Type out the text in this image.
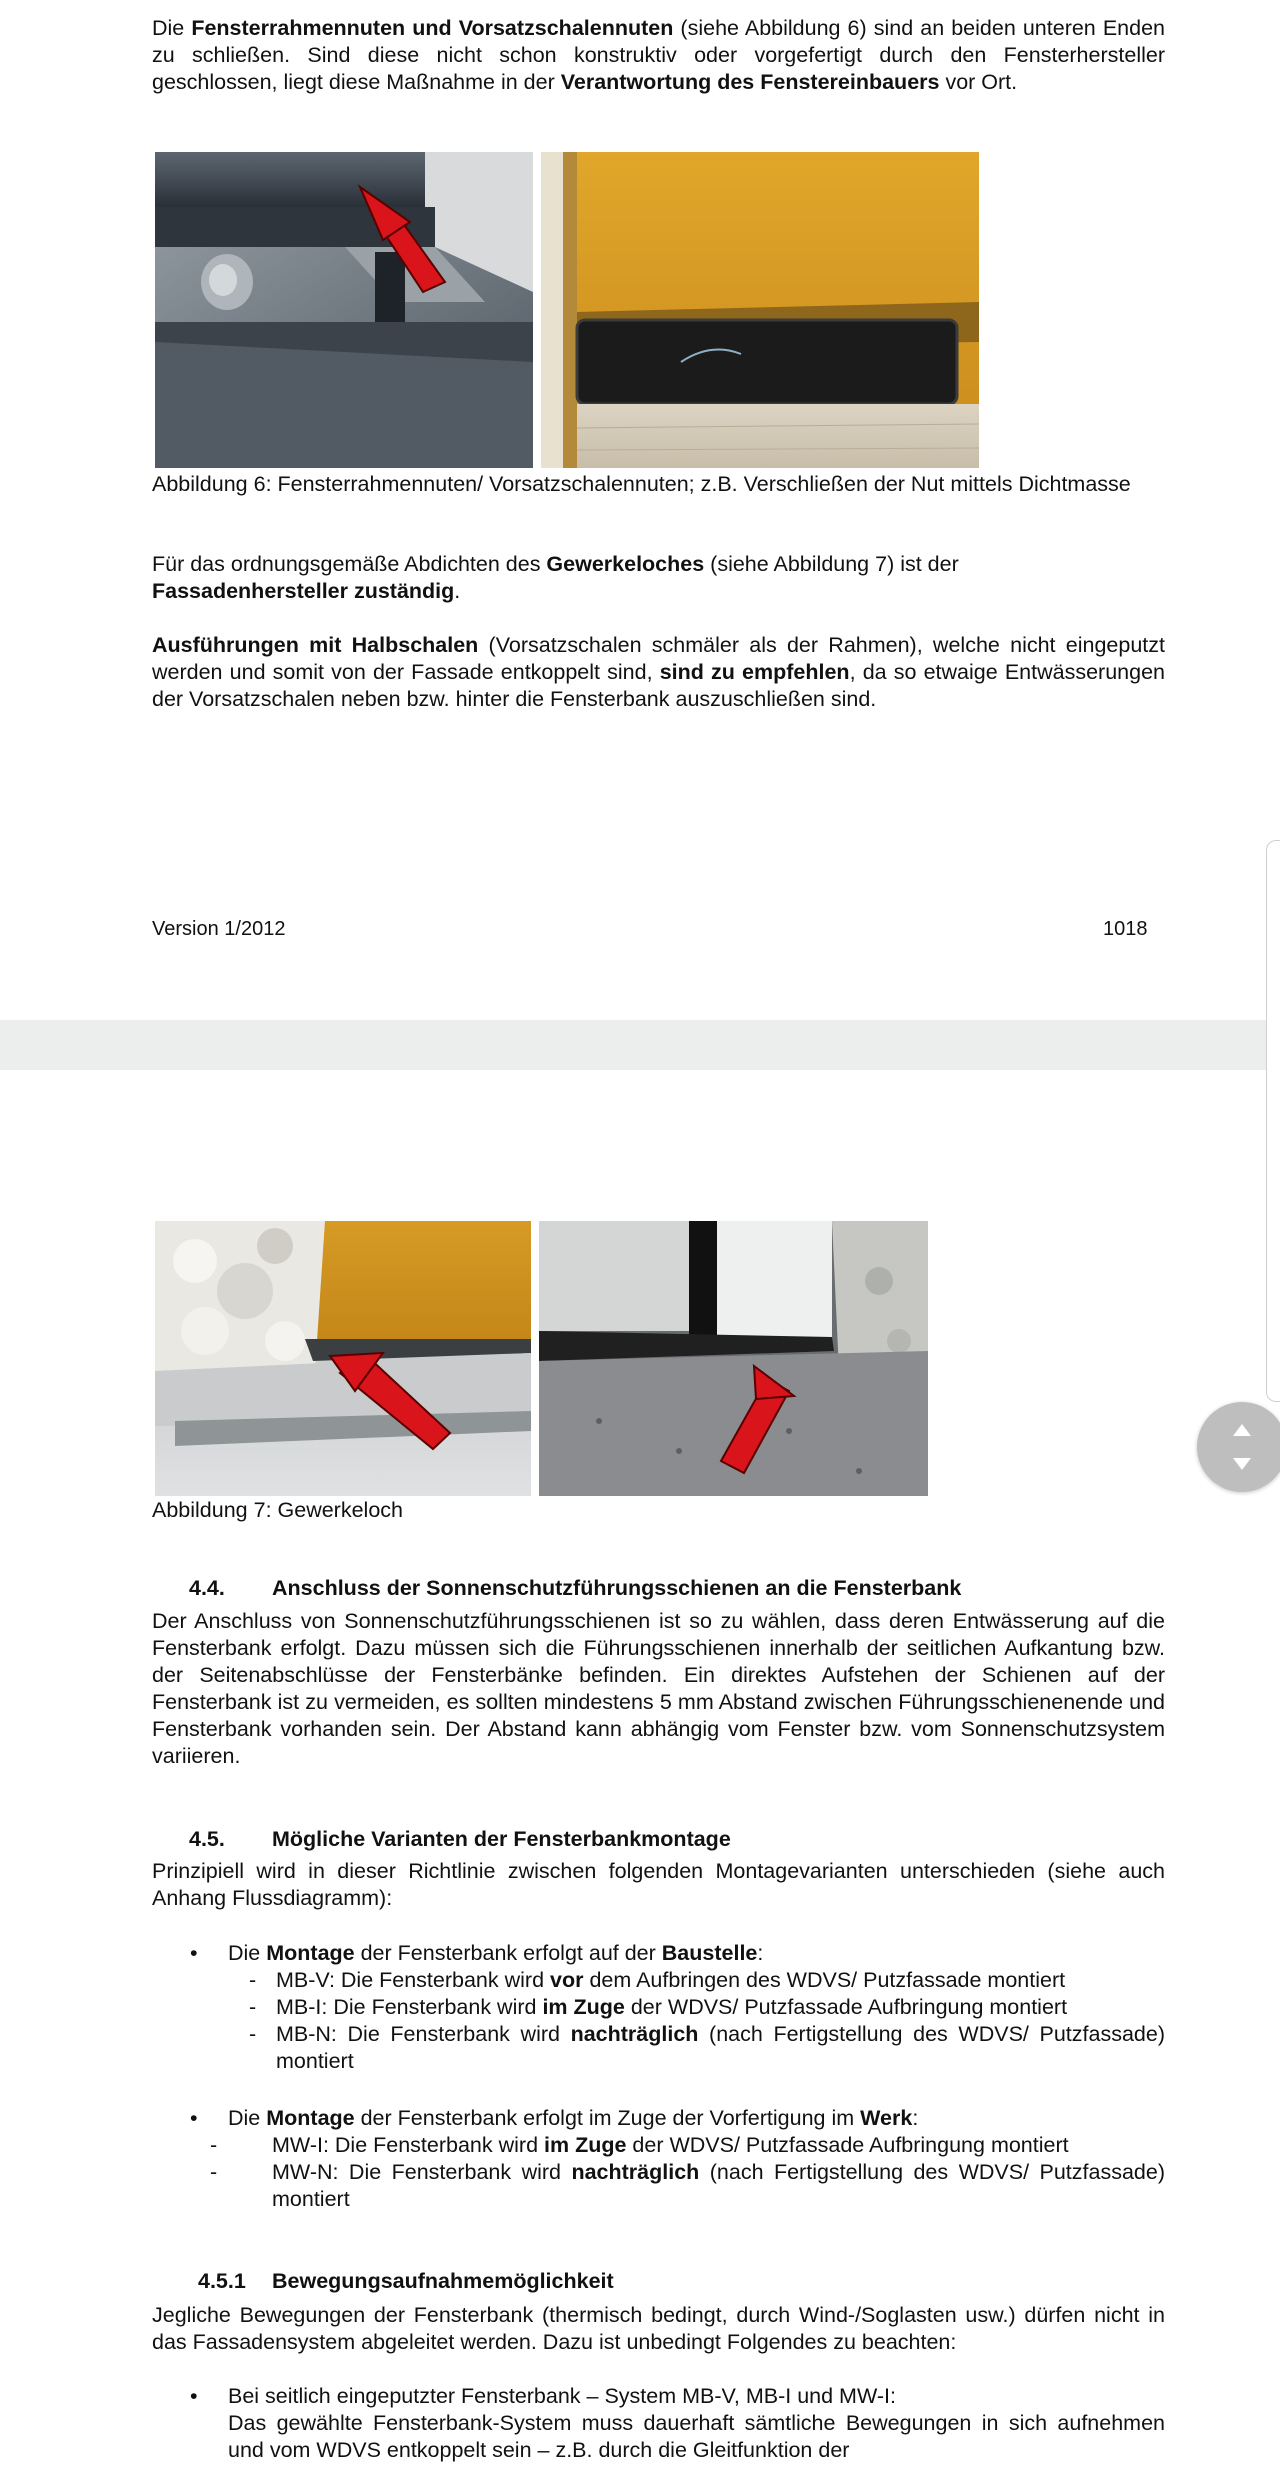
Die Fensterrahmennuten und Vorsatzschalennuten (siehe Abbildung 6) sind an beiden unteren Enden zu schließen. Sind diese nicht schon konstruktiv oder vorgefertigt durch den Fensterhersteller geschlossen, liegt diese Maßnahme in der Verantwortung des Fenstereinbauers vor Ort.
Abbildung 6: Fensterrahmennuten/ Vorsatzschalennuten; z.B. Verschließen der Nut mittels Dichtmasse
Für das ordnungsgemäße Abdichten des Gewerkeloches (siehe Abbildung 7) ist der
Fassadenhersteller zuständig.
Ausführungen mit Halbschalen (Vorsatzschalen schmäler als der Rahmen), welche nicht eingeputzt werden und somit von der Fassade entkoppelt sind, sind zu empfehlen, da so etwaige Entwässerungen der Vorsatzschalen neben bzw. hinter die Fensterbank auszuschließen sind.
Version 1/2012	1018
Abbildung 7: Gewerkeloch
4.4.	Anschluss der Sonnenschutzführungsschienen an die Fensterbank
Der Anschluss von Sonnenschutzführungsschienen ist so zu wählen, dass deren Entwässerung auf die Fensterbank erfolgt. Dazu müssen sich die Führungsschienen innerhalb der seitlichen Aufkantung bzw. der Seitenabschlüsse der Fensterbänke befinden. Ein direktes Aufstehen der Schienen auf der Fensterbank ist zu vermeiden, es sollten mindestens 5 mm Abstand zwischen Führungsschienenende und Fensterbank vorhanden sein. Der Abstand kann abhängig vom Fenster bzw. vom Sonnenschutzsystem variieren.
4.5.	Mögliche Varianten der Fensterbankmontage
Prinzipiell wird in dieser Richtlinie zwischen folgenden Montagevarianten unterschieden (siehe auch Anhang Flussdiagramm):
• Die Montage der Fensterbank erfolgt auf der Baustelle:
- MB-V: Die Fensterbank wird vor dem Aufbringen des WDVS/ Putzfassade montiert
- MB-I: Die Fensterbank wird im Zuge der WDVS/ Putzfassade Aufbringung montiert
- MB-N: Die Fensterbank wird nachträglich (nach Fertigstellung des WDVS/ Putzfassade) montiert
• Die Montage der Fensterbank erfolgt im Zuge der Vorfertigung im Werk:
- MW-I: Die Fensterbank wird im Zuge der WDVS/ Putzfassade Aufbringung montiert
- MW-N: Die Fensterbank wird nachträglich (nach Fertigstellung des WDVS/ Putzfassade) montiert
4.5.1	Bewegungsaufnahmemöglichkeit
Jegliche Bewegungen der Fensterbank (thermisch bedingt, durch Wind-/Soglasten usw.) dürfen nicht in das Fassadensystem abgeleitet werden. Dazu ist unbedingt Folgendes zu beachten:
• Bei seitlich eingeputzter Fensterbank – System MB-V, MB-I und MW-I:
Das gewählte Fensterbank-System muss dauerhaft sämtliche Bewegungen in sich aufnehmen und vom WDVS entkoppelt sein – z.B. durch die Gleitfunktion der
